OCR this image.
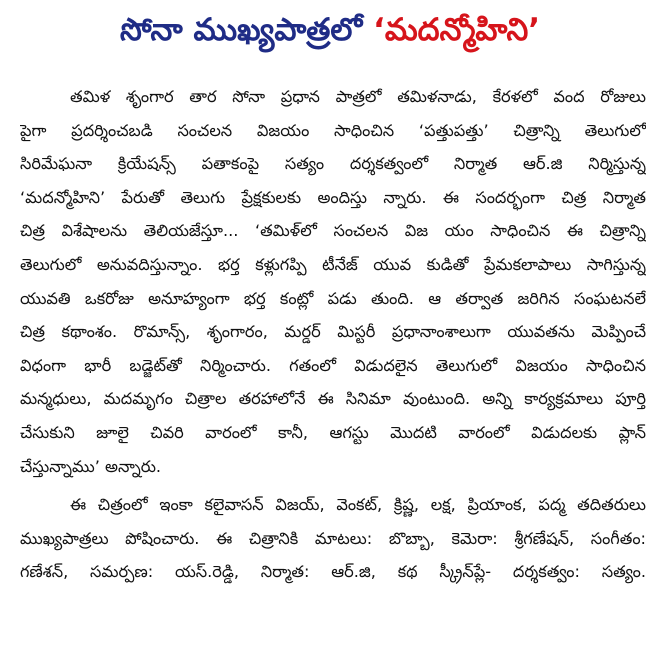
సోనా ముఖ్యపాత్రలో ‘మదన్మోహిని’
తమిళ శృంగార తార సోనా ప్రధాన పాత్రలో తమిళనాడు, కేరళలో వంద రోజులు
పైగా ప్రదర్శించబడి సంచలన విజయం సాధించిన ‘పత్తుపత్తు’ చిత్రాన్ని తెలుగులో
సిరిమేఘనా క్రియేషన్స్ పతాకంపై సత్యం దర్శకత్వంలో నిర్మాత ఆర్.జి నిర్మిస్తున్న
‘మదన్మోహిని’ పేరుతో తెలుగు ప్రేక్షకులకు అందిస్తు న్నారు. ఈ సందర్భంగా చిత్ర నిర్మాత
చిత్ర విశేషాలను తెలియజేస్తూ... ‘తమిళ్‌లో సంచలన విజ యం సాధించిన ఈ చిత్రాన్ని
తెలుగులో అనువదిస్తున్నాం. భర్త కళ్లుగప్పి టీనేజ్ యువ కుడితో ప్రేమకలాపాలు సాగిస్తున్న
యువతి ఒకరోజు అనూహ్యంగా భర్త కంట్లో పడు తుంది. ఆ తర్వాత జరిగిన సంఘటనలే
చిత్ర కథాంశం. రొమాన్స్, శృంగారం, మర్డర్ మిస్టరీ ప్రధానాంశాలుగా యువతను మెప్పించే
విధంగా భారీ బడ్జెట్‌తో నిర్మించారు. గతంలో విడుదలైన తెలుగులో విజయం సాధించిన
మన్మధులు, మదమృగం చిత్రాల తరహాలోనే ఈ సినిమా వుంటుంది. అన్ని కార్యక్రమాలు పూర్తి
చేసుకుని జూలై చివరి వారంలో కానీ, ఆగస్టు మొదటి వారంలో విడుదలకు ప్లాన్
చేస్తున్నాము’ అన్నారు.
ఈ చిత్రంలో ఇంకా కలైవాసన్ విజయ్, వెంకట్, క్రిష్ణ, లక్ష, ప్రియాంక, పద్మ తదితరులు
ముఖ్యపాత్రలు పోషించారు. ఈ చిత్రానికి మాటలు: బొబ్బా, కెమెరా: శ్రీగణేషన్, సంగీతం:
గణేశన్, సమర్పణ: యస్.రెడ్డి, నిర్మాత: ఆర్.జి, కథ స్క్రీన్‌ప్లే- దర్శకత్వం: సత్యం.
